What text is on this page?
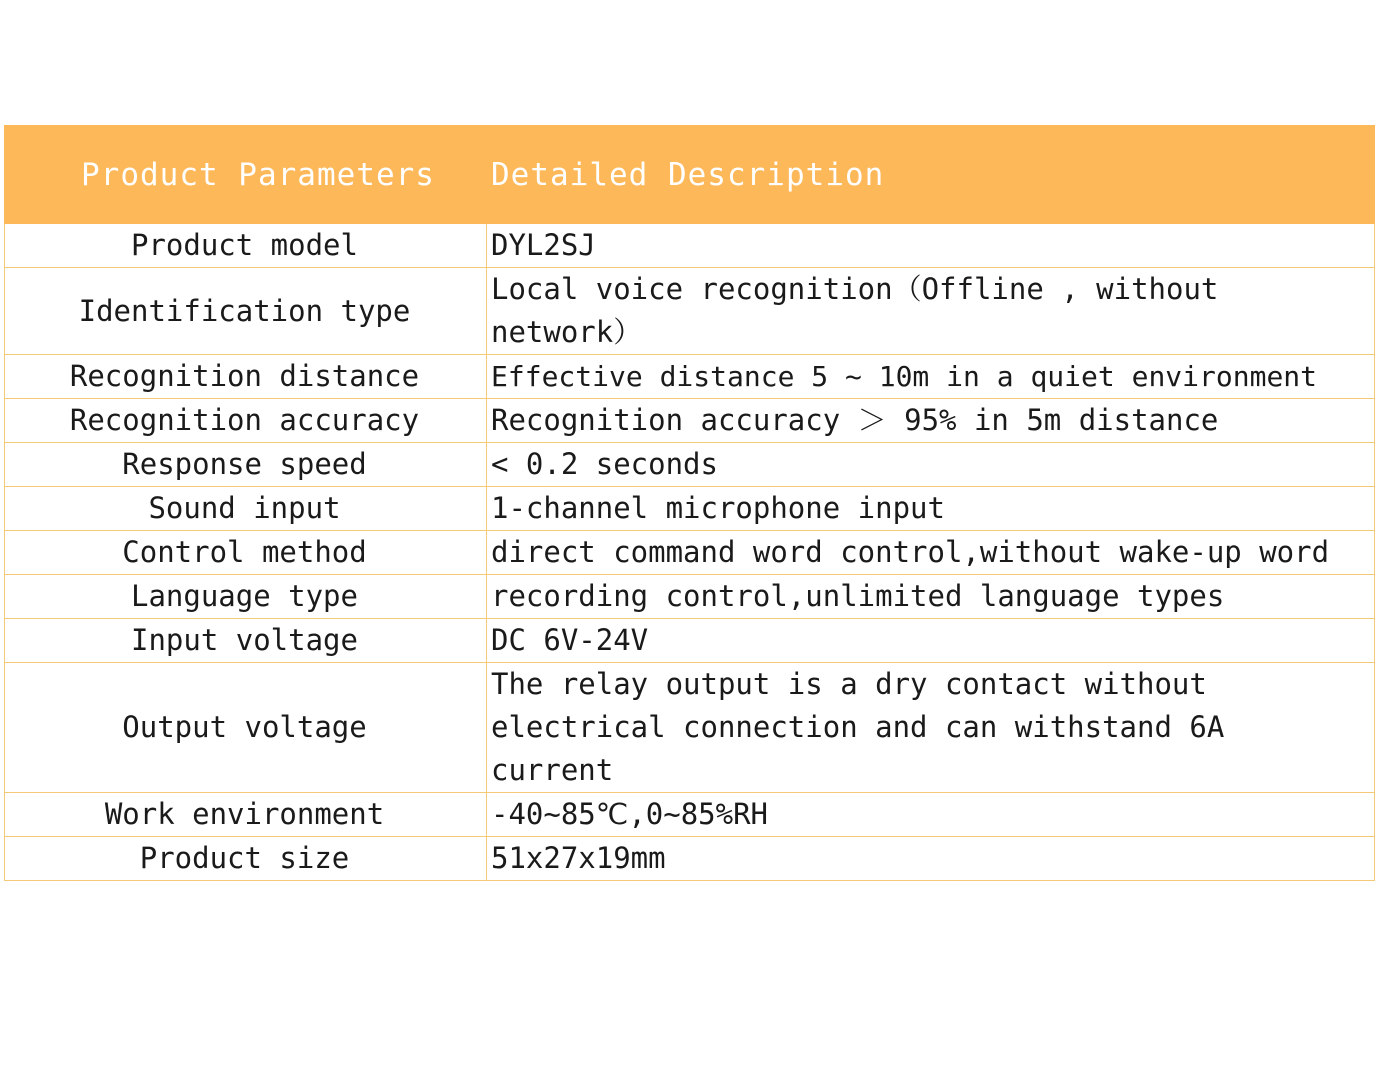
Product Parameters	Detailed Description
Product model	DYL2SJ
Identification type	Local voice recognition（Offline , without network）
Recognition distance	Effective distance 5 ~ 10m in a quiet environment
Recognition accuracy	Recognition accuracy ＞ 95% in 5m distance
Response speed	< 0.2 seconds
Sound input	1-channel microphone input
Control method	direct command word control,without wake-up word
Language type	recording control,unlimited language types
Input voltage	DC 6V-24V
Output voltage	The relay output is a dry contact without electrical connection and can withstand 6A current
Work environment	-40~85℃,0~85%RH
Product size	51x27x19mm
